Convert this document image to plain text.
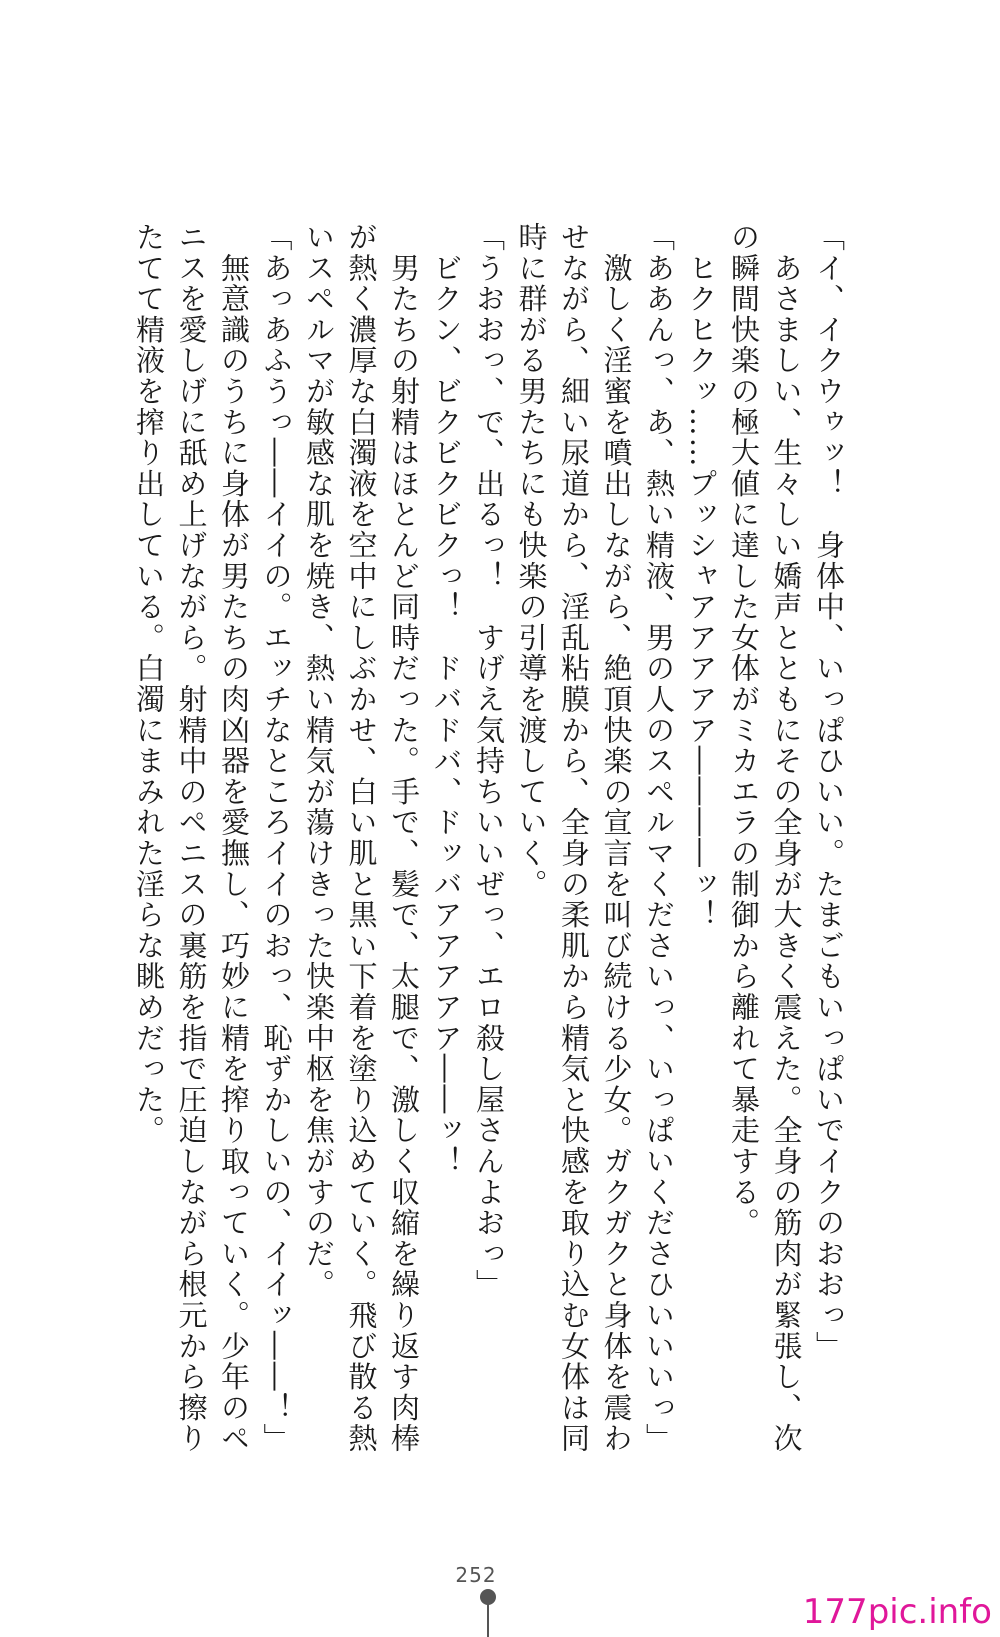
「イ、イクウゥッ！　身体中、いっぱひいい。たまごもいっぱいでイクのおおっ」
　あさましい、生々しい嬌声とともにその全身が大きく震えた。全身の筋肉が緊張し、次
の瞬間快楽の極大値に達した女体がミカエラの制御から離れて暴走する。
　ヒクヒクッ……プッシャアアアアア――――ッ！
「ああんっ、あ、熱い精液、男の人のスペルマくださいっ、いっぱいくださひいいいっ」
　激しく淫蜜を噴出しながら、絶頂快楽の宣言を叫び続ける少女。ガクガクと身体を震わ
せながら、細い尿道から、淫乱粘膜から、全身の柔肌から精気と快感を取り込む女体は同
時に群がる男たちにも快楽の引導を渡していく。
「うおおっ、で、出るっ！　すげえ気持ちいいぜっ、エロ殺し屋さんよおっ」
　ビクン、ビクビクビクっ！　ドバドバ、ドッバアアアアア――ッ！
　男たちの射精はほとんど同時だった。手で、髪で、太腿で、激しく収縮を繰り返す肉棒
が熱く濃厚な白濁液を空中にしぶかせ、白い肌と黒い下着を塗り込めていく。飛び散る熱
いスペルマが敏感な肌を焼き、熱い精気が蕩けきった快楽中枢を焦がすのだ。
「あっあふうっ――イイの。エッチなところイイのおっ、恥ずかしいの、イイッ――！」
　無意識のうちに身体が男たちの肉凶器を愛撫し、巧妙に精を搾り取っていく。少年のペ
ニスを愛しげに舐め上げながら。射精中のペニスの裏筋を指で圧迫しながら根元から擦り
たてて精液を搾り出している。白濁にまみれた淫らな眺めだった。
252
177pic.info
